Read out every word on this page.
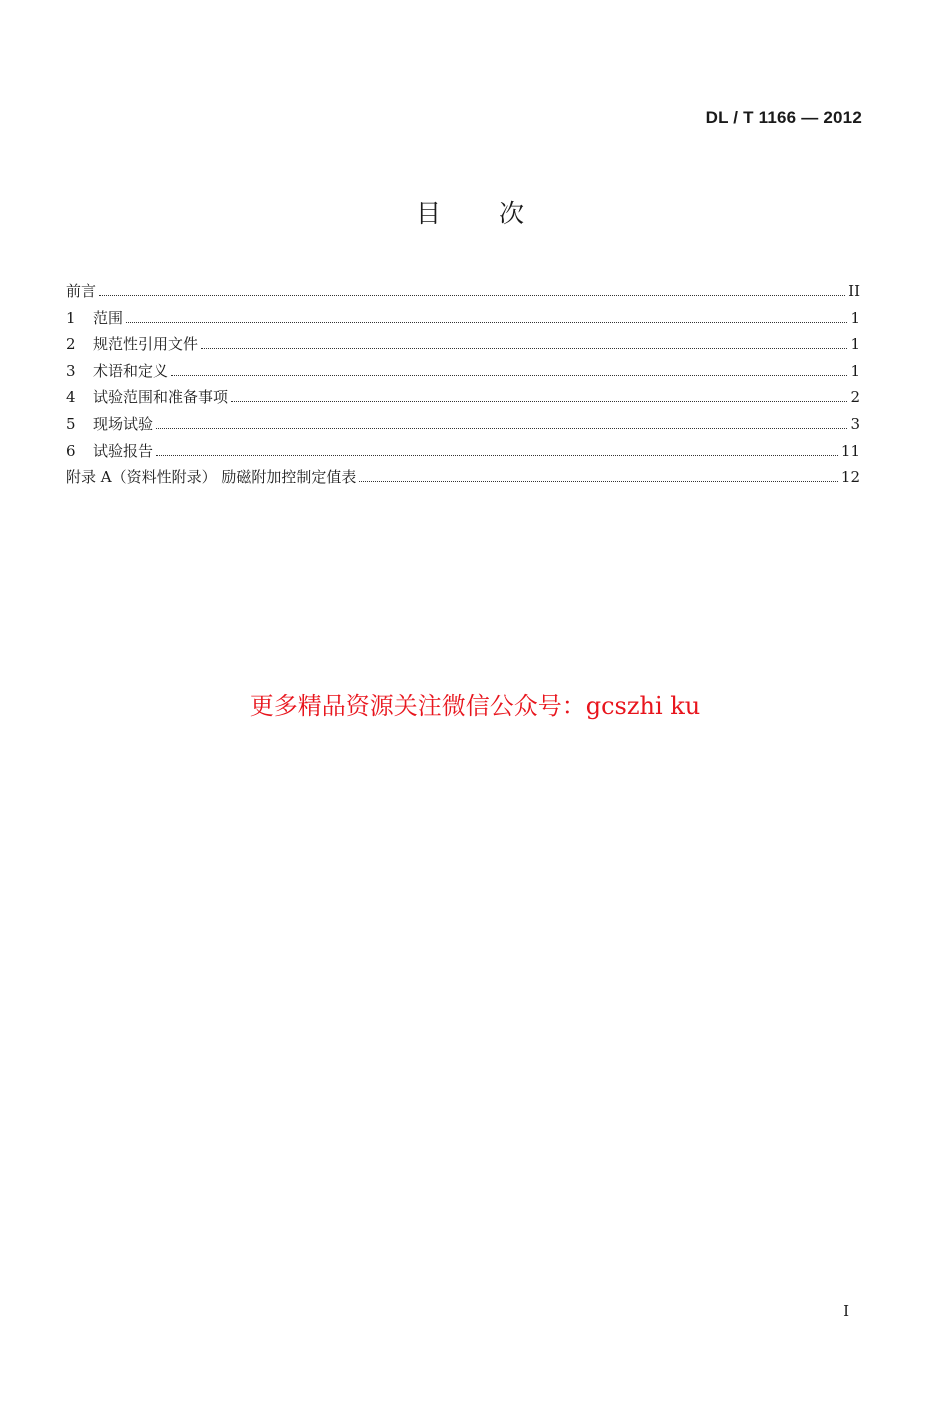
DL / T 1166 — 2012
目次
前言	II
1	范围	1
2	规范性引用文件	1
3	术语和定义	1
4	试验范围和准备事项	2
5	现场试验	3
6	试验报告	11
附录 A（资料性附录） 励磁附加控制定值表	12
更多精品资源关注微信公众号：gcszhi ku
I
